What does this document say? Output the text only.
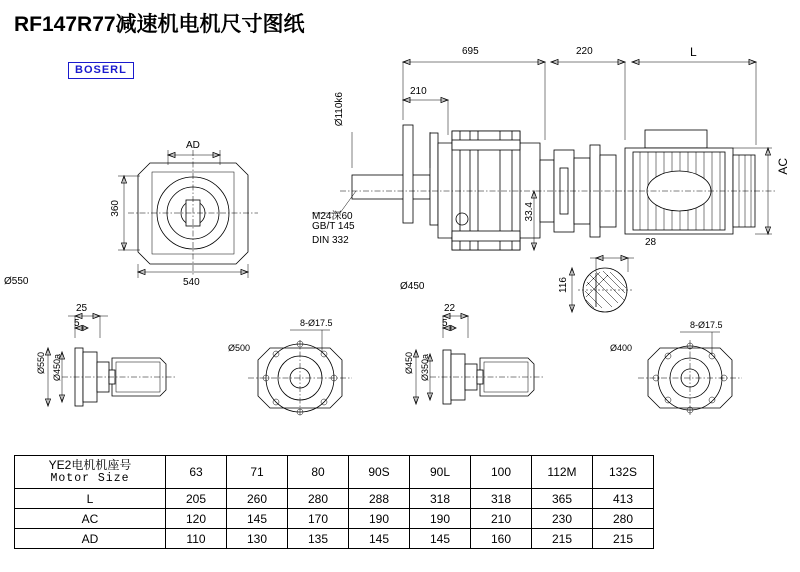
RF147R77减速机电机尺寸图纸
BOSERL
695	220	L
210
Ø110k6
AD
360
540
AC
33.4
28
116
M24深60
GB/T 145
DIN 332
Ø550	Ø450
25
5
Ø550 Ø450a
Ø500
8-Ø17.5
22
5
Ø450 Ø350a
Ø400
8-Ø17.5
YE2电机机座号
Motor Size	63	71	80	90S	90L	100	112M	132S
L	205	260	280	288	318	318	365	413
AC	120	145	170	190	190	210	230	280
AD	110	130	135	145	145	160	215	215
